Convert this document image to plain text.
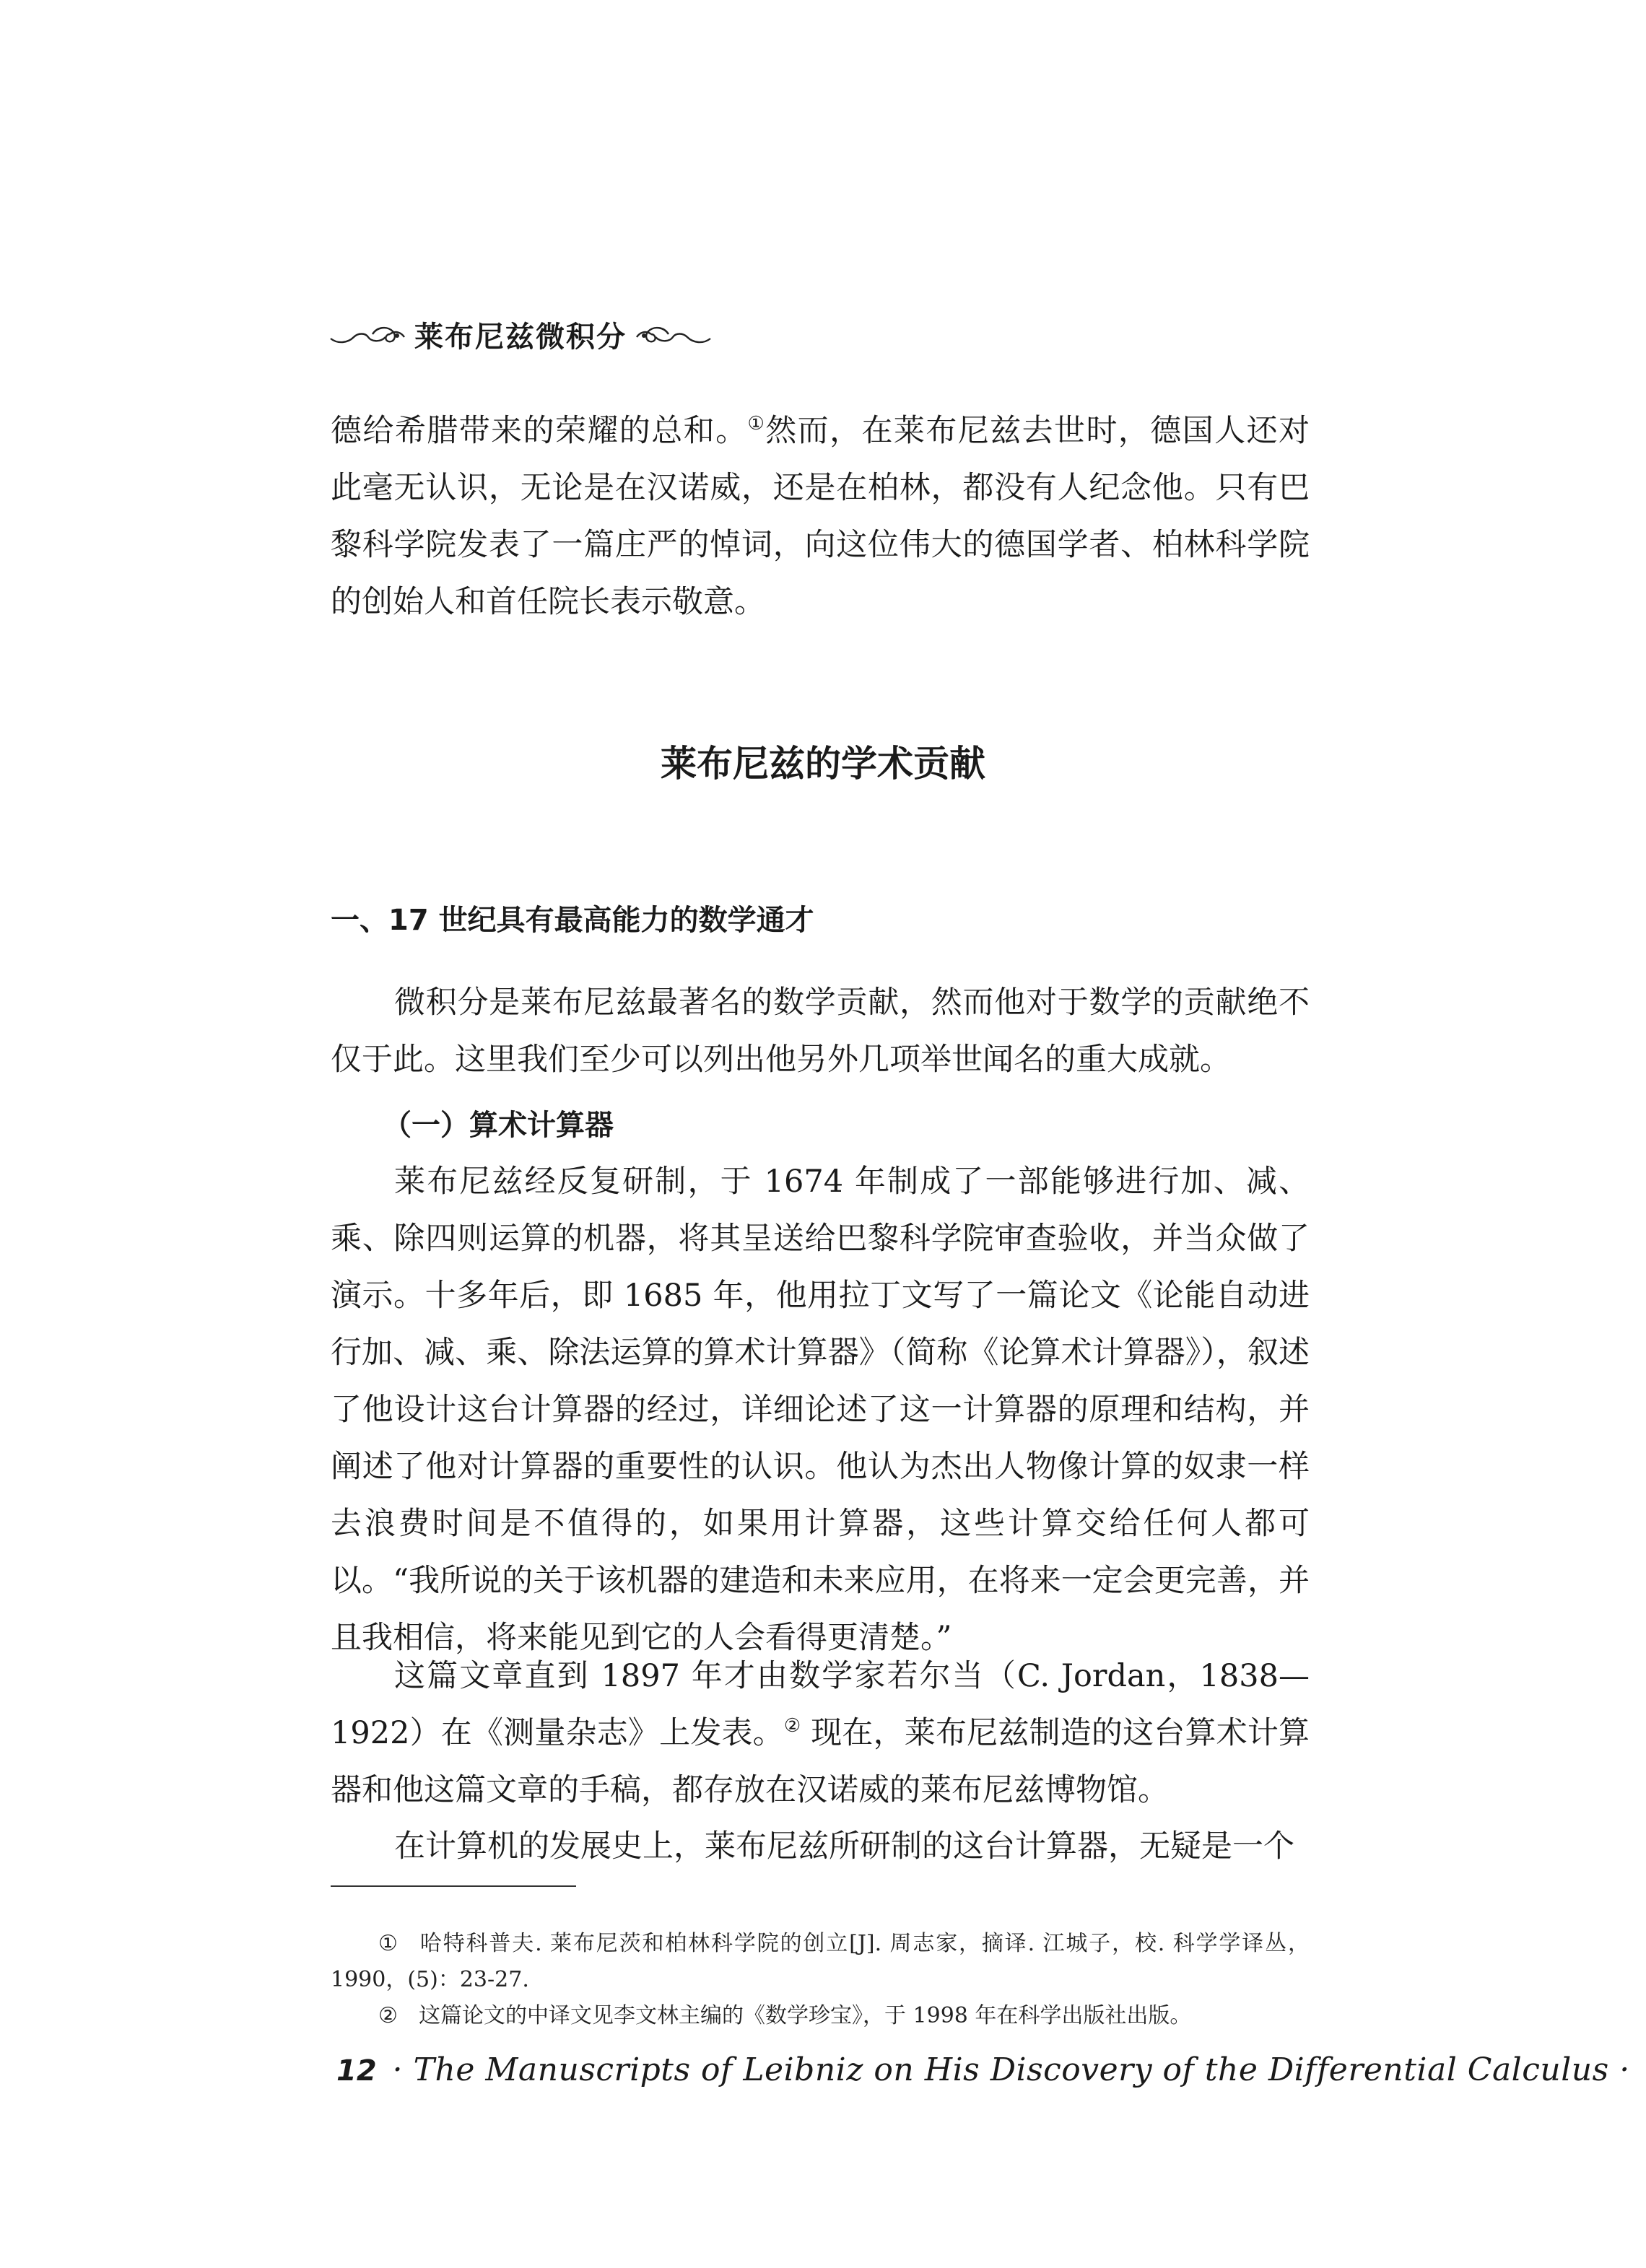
莱布尼兹微积分

德给希腊带来的荣耀的总和。①然而，在莱布尼兹去世时，德国人还对此毫无认识，无论是在汉诺威，还是在柏林，都没有人纪念他。只有巴黎科学院发表了一篇庄严的悼词，向这位伟大的德国学者、柏林科学院的创始人和首任院长表示敬意。

莱布尼兹的学术贡献
一、17 世纪具有最高能力的数学通才

微积分是莱布尼兹最著名的数学贡献，然而他对于数学的贡献绝不仅于此。这里我们至少可以列出他另外几项举世闻名的重大成就。

（一）算术计算器

莱布尼兹经反复研制，于 1674 年制成了一部能够进行加、减、乘、除四则运算的机器，将其呈送给巴黎科学院审查验收，并当众做了演示。十多年后，即 1685 年，他用拉丁文写了一篇论文《论能自动进行加、减、乘、除法运算的算术计算器》（简称《论算术计算器》），叙述了他设计这台计算器的经过，详细论述了这一计算器的原理和结构，并阐述了他对计算器的重要性的认识。他认为杰出人物像计算的奴隶一样去浪费时间是不值得的，如果用计算器，这些计算交给任何人都可以。“我所说的关于该机器的建造和未来应用，在将来一定会更完善，并且我相信，将来能见到它的人会看得更清楚。”

这篇文章直到 1897 年才由数学家若尔当（C. Jordan，1838—1922）在《测量杂志》上发表。② 现在，莱布尼兹制造的这台算术计算器和他这篇文章的手稿，都存放在汉诺威的莱布尼兹博物馆。

在计算机的发展史上，莱布尼兹所研制的这台计算器，无疑是一个

① 哈特科普夫. 莱布尼茨和柏林科学院的创立[J]. 周志家，摘译. 江城子，校. 科学学译丛，1990，(5)：23-27.

② 这篇论文的中译文见李文林主编的《数学珍宝》，于 1998 年在科学出版社出版。

12 · The Manuscripts of Leibniz on His Discovery of the Differential Calculus ·
